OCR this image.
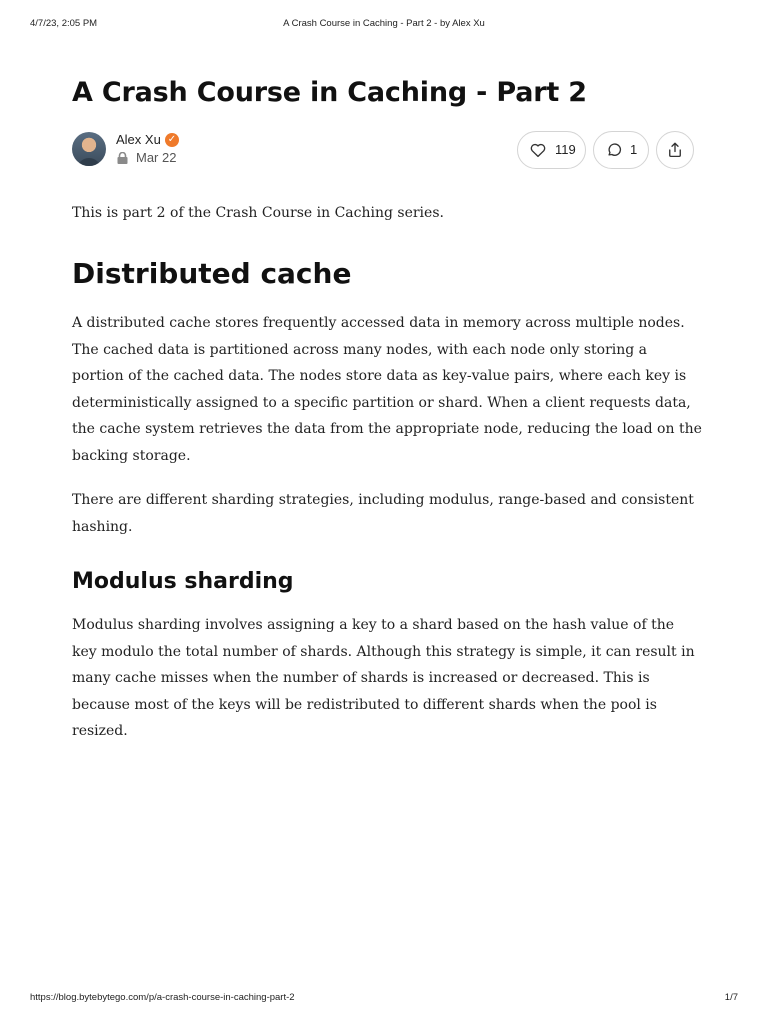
4/7/23, 2:05 PM	A Crash Course in Caching - Part 2 - by Alex Xu
A Crash Course in Caching - Part 2
Alex Xu ✓
Mar 22
119	1

This is part 2 of the Crash Course in Caching series.

Distributed cache

A distributed cache stores frequently accessed data in memory across multiple nodes. The cached data is partitioned across many nodes, with each node only storing a portion of the cached data. The nodes store data as key-value pairs, where each key is deterministically assigned to a specific partition or shard. When a client requests data, the cache system retrieves the data from the appropriate node, reducing the load on the backing storage.

There are different sharding strategies, including modulus, range-based and consistent hashing.

Modulus sharding

Modulus sharding involves assigning a key to a shard based on the hash value of the key modulo the total number of shards. Although this strategy is simple, it can result in many cache misses when the number of shards is increased or decreased. This is because most of the keys will be redistributed to different shards when the pool is resized.

https://blog.bytebytego.com/p/a-crash-course-in-caching-part-2	1/7
